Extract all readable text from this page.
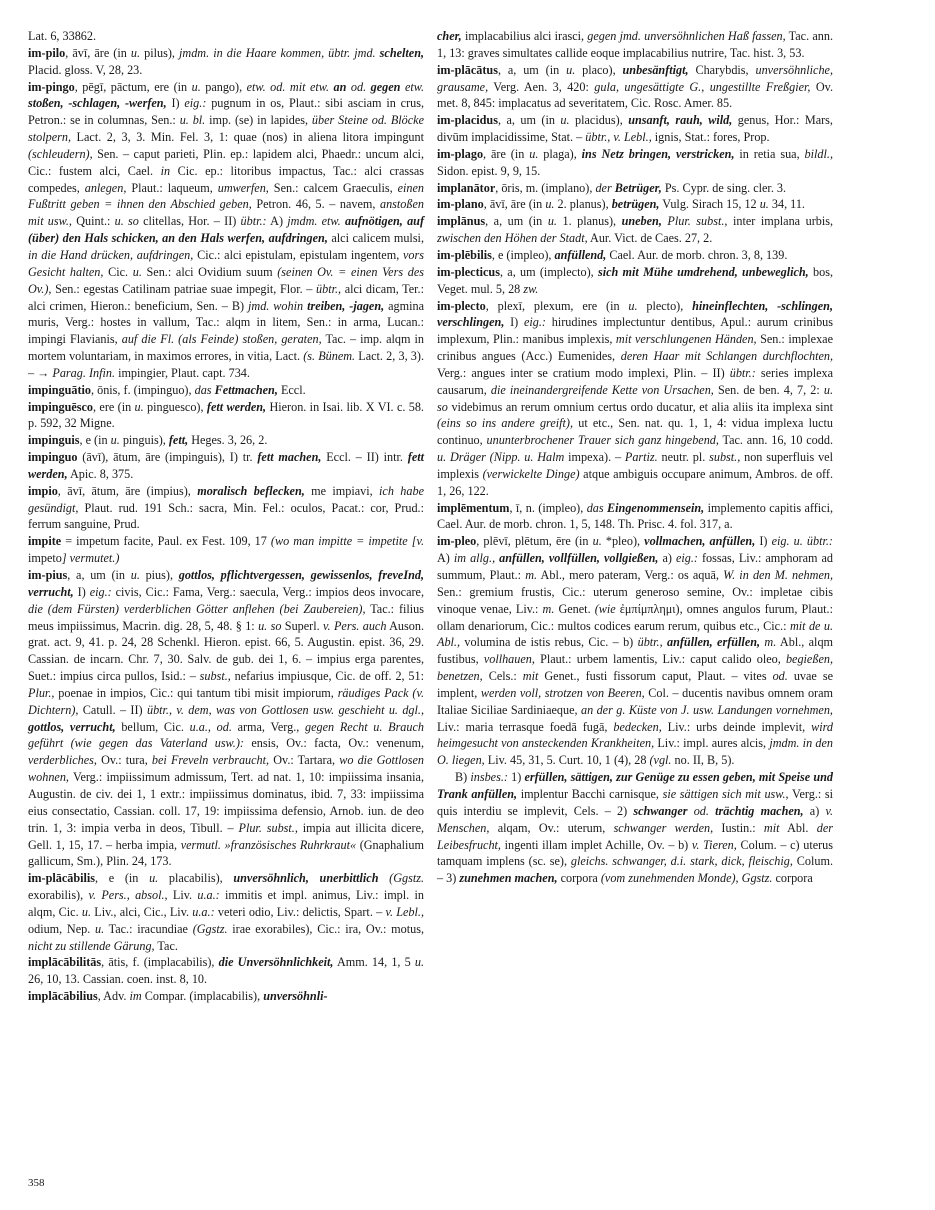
Lat. 6, 33862.

im-pilo, āvī, āre (in u. pilus), jmdm. in die Haare kommen, übtr. jmd. schelten, Placid. gloss. V, 28, 23.

im-pingo, pēgī, pāctum, ere (in u. pango), etw. od. mit etw. an od. gegen etw. stoßen, -schlagen, -werfen, I) eig.: pugnum in os, Plaut.: sibi asciam in crus, Petron.: se in columnas, Sen.: u. bl. imp. (se) in lapides, über Steine od. Blöcke stolpern, Lact. 2, 3, 3. Min. Fel. 3, 1: quae (nos) in aliena litora impingunt (schleudern), Sen. – caput parieti, Plin. ep.: lapidem alci, Phaedr.: uncum alci, Cic.: fustem alci, Cael. in Cic. ep.: litoribus impactus, Tac.: alci crassas compedes, anlegen, Plaut.: laqueum, umwerfen, Sen.: calcem Graeculis, einen Fußtritt geben = ihnen den Abschied geben, Petron. 46, 5. – navem, anstoßen mit usw., Quint.: u. so clitellas, Hor. – II) übtr.: A) jmdm. etw. aufnötigen, auf (über) den Hals schicken, an den Hals werfen, aufdringen, alci calicem mulsi, in die Hand drücken, aufdringen, Cic.: alci epistulam, epistulam ingentem, vors Gesicht halten, Cic. u. Sen.: alci Ovidium suum (seinen Ov. = einen Vers des Ov.), Sen.: egestas Catilinam patriae suae impegit, Flor. – übtr., alci dicam, Ter.: alci crimen, Hieron.: beneficium, Sen. – B) jmd. wohin treiben, -jagen, agmina muris, Verg.: hostes in vallum, Tac.: alqm in litem, Sen.: in arma, Lucan.: impingi Flavianis, auf die Fl. (als Feinde) stoßen, geraten, Tac. – imp. alqm in mortem voluntariam, in maximos errores, in vitia, Lact. (s. Bünem. Lact. 2, 3, 3). – → Parag. Infin. impingier, Plaut. capt. 734.

impinguātio, ōnis, f. (impinguo), das Fettmachen, Eccl.

impinguēsco, ere (in u. pinguesco), fett werden, Hieron. in Isai. lib. X VI. c. 58. p. 592, 32 Migne.

impinguis, e (in u. pinguis), fett, Heges. 3, 26, 2.

impinguo (āvī), ātum, āre (impinguis), I) tr. fett machen, Eccl. – II) intr. fett werden, Apic. 8, 375.

impio, āvī, ātum, āre (impius), moralisch beflecken, me impiavi, ich habe gesündigt, Plaut. rud. 191 Sch.: sacra, Min. Fel.: oculos, Pacat.: cor, Prud.: ferrum sanguine, Prud.

impite = impetum facite, Paul. ex Fest. 109, 17 (wo man impitte = impetite [v. impeto] vermutet.)

im-pius, a, um (in u. pius), gottlos, pflichtvergessen, gewissenlos, freveInd, verrucht, I) eig.: civis, Cic.: Fama, Verg.: saecula, Verg.: impios deos invocare, die (dem Fürsten) verderblichen Götter anflehen (bei Zaubereien), Tac.: filius meus impiissimus, Macrin. dig. 28, 5, 48. § 1: u. so Superl. v. Pers. auch Auson. grat. act. 9, 41. p. 24, 28 Schenkl. Hieron. epist. 66, 5. Augustin. epist. 36, 29. Cassian. de incarn. Chr. 7, 30. Salv. de gub. dei 1, 6. – impius erga parentes, Suet.: impius circa pullos, Isid.: – subst., nefarius impiusque, Cic. de off. 2, 51: Plur., poenae in impios, Cic.: qui tantum tibi misit impiorum, räudiges Pack (v. Dichtern), Catull. – II) übtr., v. dem, was von Gottlosen usw. geschieht u. dgl., gottlos, verrucht, bellum, Cic. u.a., od. arma, Verg., gegen Recht u. Brauch geführt (wie gegen das Vaterland usw.): ensis, Ov.: facta, Ov.: venenum, verderbliches, Ov.: tura, bei Freveln verbraucht, Ov.: Tartara, wo die Gottlosen wohnen, Verg.: impiissimum admissum, Tert. ad nat. 1, 10: impiissima insania, Augustin. de civ. dei 1, 1 extr.: impiissimus dominatus, ibid. 7, 33: impiissima eius consectatio, Cassian. coll. 17, 19: impiissima defensio, Arnob. iun. de deo trin. 1, 3: impia verba in deos, Tibull. – Plur. subst., impia aut illicita dicere, Gell. 1, 15, 17. – herba impia, vermutl. »französisches Ruhrkraut« (Gnaphalium gallicum, Sm.), Plin. 24, 173.

im-plācābilis, e (in u. placabilis), unversöhnlich, unerbittlich (Ggstz. exorabilis), v. Pers., absol., Liv. u.a.: immitis et impl. animus, Liv.: impl. in alqm, Cic. u. Liv., alci, Cic., Liv. u.a.: veteri odio, Liv.: delictis, Spart. – v. Lebl., odium, Nep. u. Tac.: iracundiae (Ggstz. irae exorabiles), Cic.: ira, Ov.: motus, nicht zu stillende Gärung, Tac.

implācābilitās, ātis, f. (implacabilis), die Unversöhnlichkeit, Amm. 14, 1, 5 u. 26, 10, 13. Cassian. coen. inst. 8, 10.

implācābilius, Adv. im Compar. (implacabilis), unversöhnli-

cher, implacabilius alci irasci, gegen jmd. unversöhnlichen Haß fassen, Tac. ann. 1, 13: graves simultates callide eoque implacabilius nutrire, Tac. hist. 3, 53.

im-plācātus, a, um (in u. placo), unbesänftigt, Charybdis, unversöhnliche, grausame, Verg. Aen. 3, 420: gula, ungesättigte G., ungestillte Freßgier, Ov. met. 8, 845: implacatus ad severitatem, Cic. Rosc. Amer. 85.

im-placidus, a, um (in u. placidus), unsanft, rauh, wild, genus, Hor.: Mars, divūm implacidissime, Stat. – übtr., v. Lebl., ignis, Stat.: fores, Prop.

im-plago, āre (in u. plaga), ins Netz bringen, verstricken, in retia sua, bildl., Sidon. epist. 9, 9, 15.

implanātor, ōris, m. (implano), der Betrüger, Ps. Cypr. de sing. cler. 3.

im-plano, āvī, āre (in u. 2. planus), betrügen, Vulg. Sirach 15, 12 u. 34, 11.

implānus, a, um (in u. 1. planus), uneben, Plur. subst., inter implana urbis, zwischen den Höhen der Stadt, Aur. Vict. de Caes. 27, 2.

im-plēbilis, e (impleo), anfüllend, Cael. Aur. de morb. chron. 3, 8, 139.

im-plecticus, a, um (implecto), sich mit Mühe umdrehend, unbeweglich, bos, Veget. mul. 5, 28 zw.

im-plecto, plexī, plexum, ere (in u. plecto), hineinflechten, -schlingen, verschlingen, I) eig.: hirudines implectuntur dentibus, Apul.: aurum crinibus implexum, Plin.: manibus implexis, mit verschlungenen Händen, Sen.: implexae crinibus angues (Acc.) Eumenides, deren Haar mit Schlangen durchflochten, Verg.: angues inter se cratium modo implexi, Plin. – II) übtr.: series implexa causarum, die ineinandergreifende Kette von Ursachen, Sen. de ben. 4, 7, 2: u. so videbimus an rerum omnium certus ordo ducatur, et alia aliis ita implexa sint (eins so ins andere greift), ut etc., Sen. nat. qu. 1, 1, 4: vidua implexa luctu continuo, ununterbrochener Trauer sich ganz hingebend, Tac. ann. 16, 10 codd. u. Dräger (Nipp. u. Halm impexa). – Partiz. neutr. pl. subst., non superfluis vel implexis (verwickelte Dinge) atque ambiguis occupare animum, Ambros. de off. 1, 26, 122.

implēmentum, ī, n. (impleo), das Eingenommensein, implemento capitis affici, Cael. Aur. de morb. chron. 1, 5, 148. Th. Prisc. 4. fol. 317, a.

im-pleo, plēvī, plētum, ēre (in u. *pleo), vollmachen, anfüllen, I) eig. u. übtr.: A) im allg., anfüllen, vollfüllen, vollgießen, a) eig.: fossas, Liv.: amphoram ad summum, Plaut.: m. Abl., mero pateram, Verg.: os aquā, W. in den M. nehmen, Sen.: gremium frustis, Cic.: uterum generoso semine, Ov.: impletae cibis vinoque venae, Liv.: m. Genet. (wie ἐμπίμπλημι), omnes angulos furum, Plaut.: ollam denariorum, Cic.: multos codices earum rerum, quibus etc., Cic.: mit de u. Abl., volumina de istis rebus, Cic. – b) übtr., anfüllen, erfüllen, m. Abl., alqm fustibus, vollhauen, Plaut.: urbem lamentis, Liv.: caput calido oleo, begießen, benetzen, Cels.: mit Genet., fusti fissorum caput, Plaut. – vites od. uvae se implent, werden voll, strotzen von Beeren, Col. – ducentis navibus omnem oram Italiae Siciliae Sardiniaeque, an der g. Küste von J. usw. Landungen vornehmen, Liv.: maria terrasque foedā fugā, bedecken, Liv.: urbs deinde implevit, wird heimgesucht von ansteckenden Krankheiten, Liv.: impl. aures alcis, jmdm. in den O. liegen, Liv. 45, 31, 5. Curt. 10, 1 (4), 28 (vgl. no. II, B, 5).

B) insbes.: 1) erfüllen, sättigen, zur Genüge zu essen geben, mit Speise und Trank anfüllen, implentur Bacchi carnisque, sie sättigen sich mit usw., Verg.: si quis interdiu se implevit, Cels. – 2) schwanger od. trächtig machen, a) v. Menschen, alqam, Ov.: uterum, schwanger werden, Iustin.: mit Abl. der Leibesfrucht, ingenti illam implet Achille, Ov. – b) v. Tieren, Colum. – c) uterus tamquam implens (sc. se), gleichs. schwanger, d.i. stark, dick, fleischig, Colum. – 3) zunehmen machen, corpora (vom zunehmenden Monde), Ggstz. corpora

358
